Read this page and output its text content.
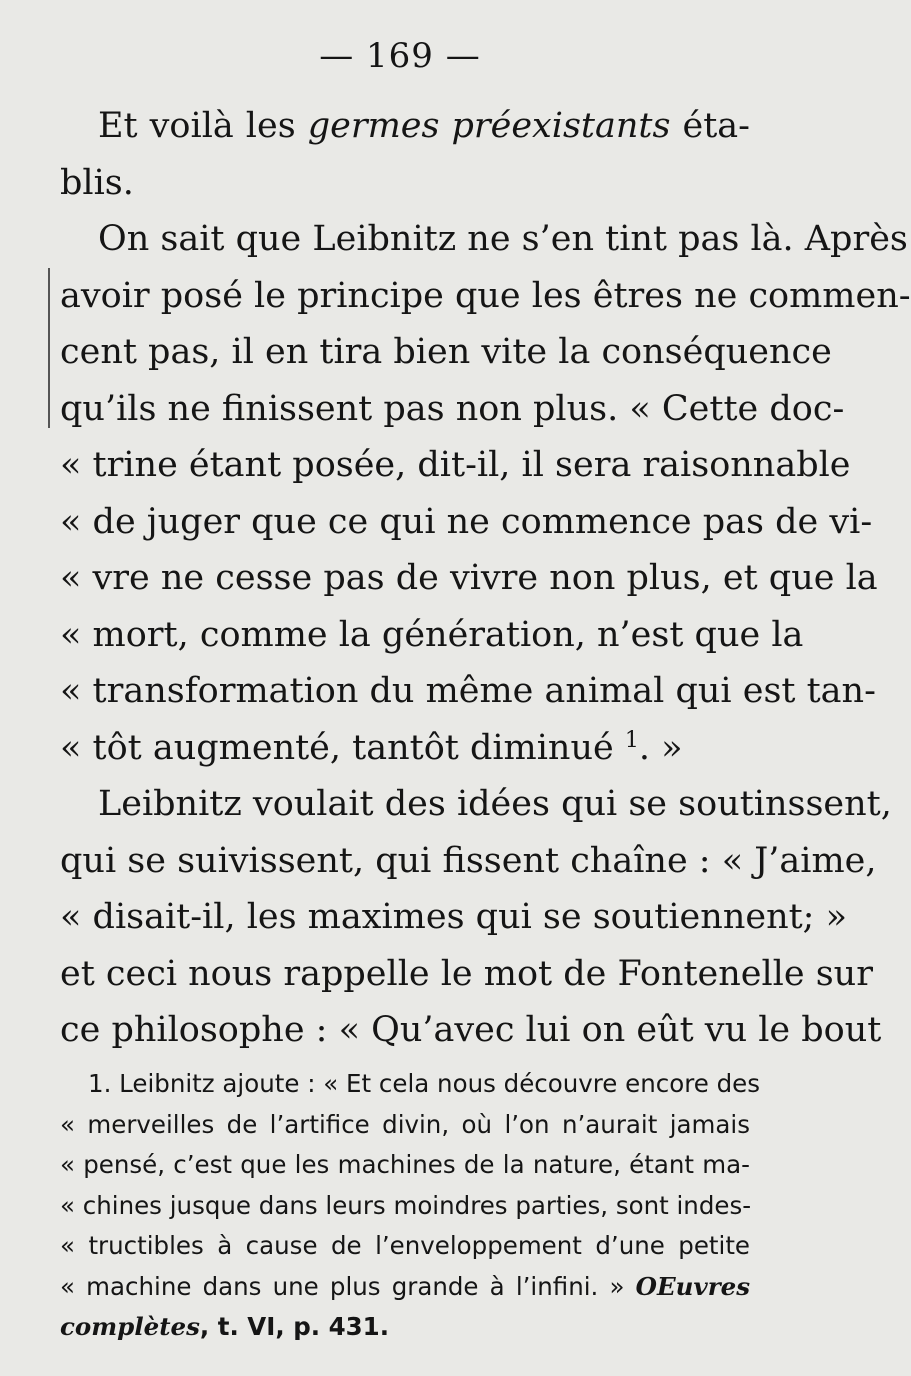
— 169 —
Et voilà les germes préexistants éta-
blis.
On sait que Leibnitz ne s’en tint pas là. Après
avoir posé le principe que les êtres ne commen-
cent pas, il en tira bien vite la conséquence
qu’ils ne finissent pas non plus. « Cette doc-
« trine étant posée, dit-il, il sera raisonnable
« de juger que ce qui ne commence pas de vi-
« vre ne cesse pas de vivre non plus, et que la
« mort, comme la génération, n’est que la
« transformation du même animal qui est tan-
« tôt augmenté, tantôt diminué $^1$. »
Leibnitz voulait des idées qui se soutinssent,
qui se suivissent, qui fissent chaîne : « J’aime,
« disait-il, les maximes qui se soutiennent; »
et ceci nous rappelle le mot de Fontenelle sur
ce philosophe : « Qu’avec lui on eût vu le bout
1. Leibnitz ajoute : « Et cela nous découvre encore des
« merveilles de l’artifice divin, où l’on n’aurait jamais
« pensé, c’est que les machines de la nature, étant ma-
« chines jusque dans leurs moindres parties, sont indes-
« tructibles à cause de l’enveloppement d’une petite
« machine dans une plus grande à l’infini. » OEuvres
complètes, t. VI, p. 431.
